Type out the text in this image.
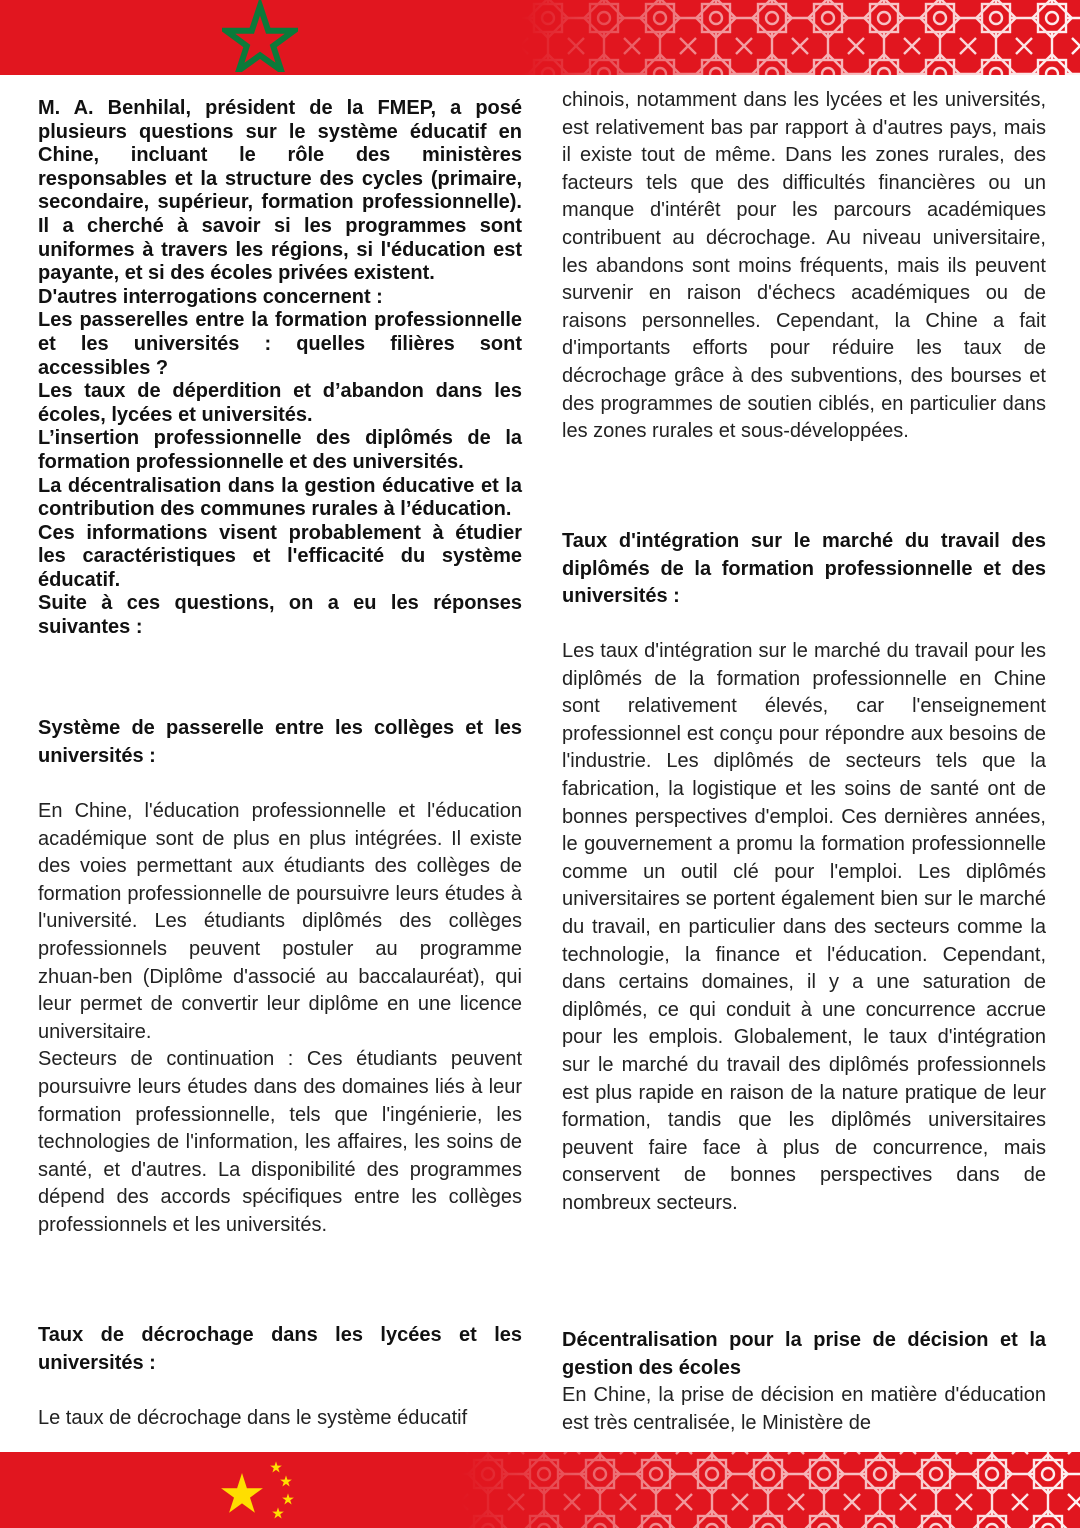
M. A. Benhilal, président de la FMEP, a posé plusieurs questions sur le système éducatif en Chine, incluant le rôle des ministères responsables et la structure des cycles (primaire, secondaire, supérieur, formation professionnelle). Il a cherché à savoir si les programmes sont uniformes à travers les régions, si l'éducation est payante, et si des écoles privées existent.
D'autres interrogations concernent :
Les passerelles entre la formation professionnelle et les universités : quelles filières sont accessibles ?
Les taux de déperdition et d’abandon dans les écoles, lycées et universités.
L’insertion professionnelle des diplômés de la formation professionnelle et des universités.
La décentralisation dans la gestion éducative et la contribution des communes rurales à l’éducation.
Ces informations visent probablement à étudier les caractéristiques et l'efficacité du système éducatif.
Suite à ces questions, on a eu les réponses suivantes :
Système de passerelle entre les collèges et les universités :
En Chine, l'éducation professionnelle et l'éducation académique sont de plus en plus intégrées. Il existe des voies permettant aux étudiants des collèges de formation professionnelle de poursuivre leurs études à l'université. Les étudiants diplômés des collèges professionnels peuvent postuler au programme zhuan-ben (Diplôme d'associé au baccalauréat), qui leur permet de convertir leur diplôme en une licence universitaire.
Secteurs de continuation : Ces étudiants peuvent poursuivre leurs études dans des domaines liés à leur formation professionnelle, tels que l'ingénierie, les technologies de l'information, les affaires, les soins de santé, et d'autres. La disponibilité des programmes dépend des accords spécifiques entre les collèges professionnels et les universités.
Taux de décrochage dans les lycées et les universités :

Le taux de décrochage dans le système éducatif

chinois, notamment dans les lycées et les universités, est relativement bas par rapport à d'autres pays, mais il existe tout de même. Dans les zones rurales, des facteurs tels que des difficultés financières ou un manque d'intérêt pour les parcours académiques contribuent au décrochage. Au niveau universitaire, les abandons sont moins fréquents, mais ils peuvent survenir en raison d'échecs académiques ou de raisons personnelles. Cependant, la Chine a fait d'importants efforts pour réduire les taux de décrochage grâce à des subventions, des bourses et des programmes de soutien ciblés, en particulier dans les zones rurales et sous-développées.

Taux d'intégration sur le marché du travail des diplômés de la formation professionnelle et des universités :

Les taux d'intégration sur le marché du travail pour les diplômés de la formation professionnelle en Chine sont relativement élevés, car l'enseignement professionnel est conçu pour répondre aux besoins de l'industrie. Les diplômés de secteurs tels que la fabrication, la logistique et les soins de santé ont de bonnes perspectives d'emploi. Ces dernières années, le gouvernement a promu la formation professionnelle comme un outil clé pour l'emploi. Les diplômés universitaires se portent également bien sur le marché du travail, en particulier dans des secteurs comme la technologie, la finance et l'éducation. Cependant, dans certains domaines, il y a une saturation de diplômés, ce qui conduit à une concurrence accrue pour les emplois. Globalement, le taux d'intégration sur le marché du travail des diplômés professionnels est plus rapide en raison de la nature pratique de leur formation, tandis que les diplômés universitaires peuvent faire face à plus de concurrence, mais conservent de bonnes perspectives dans de nombreux secteurs.

Décentralisation pour la prise de décision et la gestion des écoles

En Chine, la prise de décision en matière d'éducation est très centralisée, le Ministère de
